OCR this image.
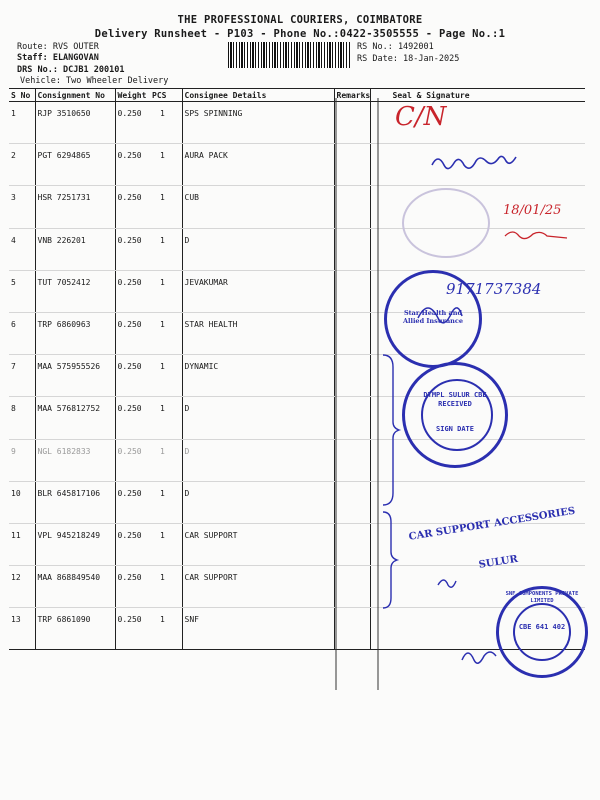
THE PROFESSIONAL COURIERS, COIMBATORE
Delivery Runsheet - P103 - Phone No.:0422-3505555 - Page No.:1
Route: RVS OUTER
Staff: ELANGOVAN
DRS No.: DCJB1 200101
Vehicle: Two Wheeler Delivery
RS No.: 1492001
RS Date: 18-Jan-2025
S No	Consignment No	Weight	PCS	Consignee Details	Remarks	Seal & Signature
1	RJP 3510650	0.250	1	SPS SPINNING		
2	PGT 6294865	0.250	1	AURA PACK		
3	HSR 7251731	0.250	1	CUB		
4	VNB 226201	0.250	1	D		
5	TUT 7052412	0.250	1	JEVAKUMAR		
6	TRP 6860963	0.250	1	STAR HEALTH		
7	MAA 575955526	0.250	1	DYNAMIC		
8	MAA 576812752	0.250	1	D		
9	NGL 6182833	0.250	1	D		
10	BLR 645817106	0.250	1	D		
11	VPL 945218249	0.250	1	CAR SUPPORT		
12	MAA 868849540	0.250	1	CAR SUPPORT		
13	TRP 6861090	0.250	1	SNF		
C/N
18/01/25
9171737384
Star Health and Allied Insurance
DTMPL SULUR CBE RECEIVED
SIGN DATE
CAR SUPPORT ACCESSORIES
SULUR
SNF COMPONENTS PRIVATE LIMITED
CBE 641 402
